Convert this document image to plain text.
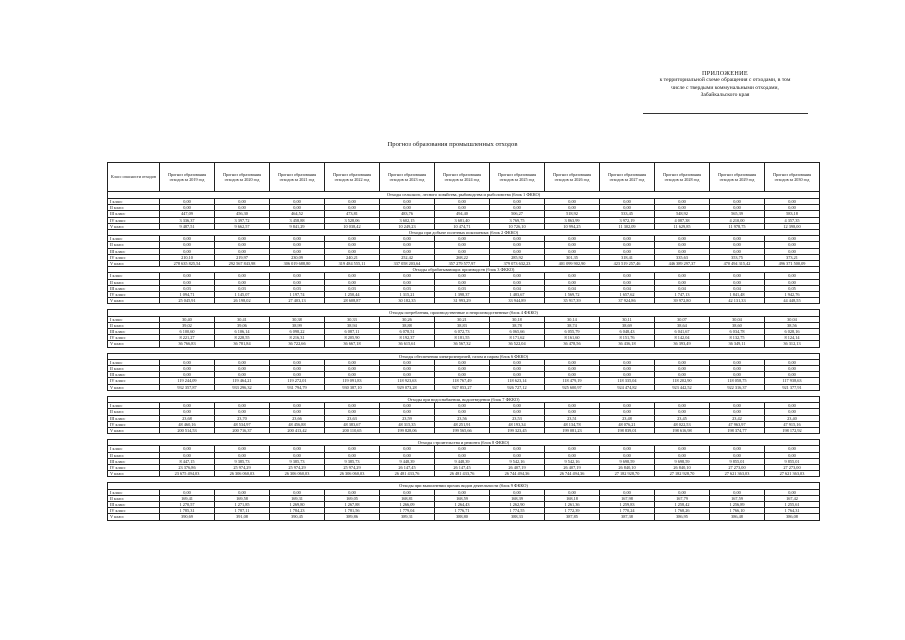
ПРИЛОЖЕНИЕ
к территориальной схеме обращения с отходами, в том
числе с твердыми коммунальными отходами,
Забайкальского края
Прогноз образования промышленных отходов
Класс опасности отходов	Прогноз образования отходов за 2019 год	Прогноз образования отходов за 2020 год	Прогноз образования отходов за 2021 год	Прогноз образования отходов за 2022 год	Прогноз образования отходов за 2023 год	Прогноз образования отходов за 2024 год	Прогноз образования отходов за 2025 год	Прогноз образования отходов за 2026 год	Прогноз образования отходов за 2027 год	Прогноз образования отходов за 2028 год	Прогноз образования отходов за 2029 год	Прогноз образования отходов за 2030 год
Отходы сельского, лесного хозяйства, рыбоводства и рыболовства (блок 1 ФККО)												
I класс	0,00	0,00	0,00	0,00	0,00	0,00	0,00	0,00	0,00	0,00	0,00	0,00
II класс	0,00	0,00	0,00	0,00	0,00	0,00	0,00	0,00	0,00	0,00	0,00	0,00
III класс	447,09	456,30	464,52	473,81	483,76	494,40	506,27	518,92	533,45	548,92	565,39	583,18
IV класс	3 336,37	3 397,72	3 458,88	3 528,06	3 602,15	3 681,40	3 769,75	3 863,99	3 972,19	4 087,38	4 210,00	4 357,35
V класс	9 487,51	9 662,57	9 841,29	10 038,42	10 249,23	10 474,71	10 726,10	10 994,25	11 302,09	11 629,85	11 978,75	12 398,00
Отходы при добыче полезных ископаемых (блок 2 ФККО)												
I класс	0,00	0,00	0,00	0,00	0,00	0,00	0,00	0,00	0,00	0,00	0,00	0,00
II класс	0,00	0,00	0,00	0,00	0,00	0,00	0,00	0,00	0,00	0,00	0,00	0,00
III класс	0,00	0,00	0,00	0,00	0,00	0,00	0,00	0,00	0,00	0,00	0,00	0,00
IV класс	210,10	219,97	230,09	240,21	252,42	268,22	285,92	301,35	318,41	335,63	353,75	373,21
V класс	278 635 825,54	292 567 843,98	306 019 688,80	319 484 555,11	337 058 203,64	357 279 577,97	379 073 632,23	401 099 902,90	423 519 257,46	446 389 297,37	470 494 315,42	496 371 500,09
Отходы обрабатывающих производств (блок 3 ФККО)												
I класс	0,00	0,00	0,00	0,00	0,00	0,00	0,00	0,00	0,00	0,00	0,00	0,00
II класс	0,00	0,00	0,00	0,00	0,00	0,00	0,00	0,00	0,00	0,00	0,00	0,00
III класс	0,03	0,03	0,03	0,03	0,03	0,03	0,04	0,04	0,04	0,04	0,04	0,05
IV класс	1 094,71	1 145,07	1 197,74	1 250,44	1 315,21	1 398,37	1 483,67	1 569,72	1 657,62	1 747,13	1 841,48	1 942,76
V класс	25 045,91	26 198,02	27 403,13	28 608,87	30 182,35	31 993,29	33 944,89	35 917,39	37 924,86	39 972,80	42 131,33	44 448,55

Отходы потребления, производственные и непроизводственные (блок 4 ФККО)												
I класс	30,40	30,41	30,38	30,33	30,26	30,21	30,18	30,14	30,11	30,07	30,04	30,04
II класс	39,02	39,06	38,99	38,94	38,88	38,83	38,78	38,74	38,69	38,64	38,60	38,56
III класс	6 100,60	6 106,14	6 098,22	6 087,11	6 078,51	6 072,73	6 065,66	6 055,79	6 048,43	6 041,67	6 034,78	6 028,16
IV класс	8 221,27	8 228,55	8 216,31	8 205,90	8 192,37	8 181,55	8 171,62	8 161,60	8 151,76	8 142,04	8 132,75	8 124,14
V класс	36 766,83	36 781,84	36 722,66	36 667,18	36 615,61	36 567,32	36 522,04	36 478,56	36 436,18	36 393,49	36 349,11	36 312,13

Отходы обеспечения электроэнергией, газом и паром (блок 6 ФККО)												
I класс	0,00	0,00	0,00	0,00	0,00	0,00	0,00	0,00	0,00	0,00	0,00	0,00
II класс	0,00	0,00	0,00	0,00	0,00	0,00	0,00	0,00	0,00	0,00	0,00	0,00
III класс	0,00	0,00	0,00	0,00	0,00	0,00	0,00	0,00	0,00	0,00	0,00	0,00
IV класс	119 244,09	119 464,21	119 272,01	119 091,83	118 923,63	118 767,49	118 623,14	118 479,19	118 335,04	118 202,90	118 058,75	117 938,63
V класс	932 357,87	933 296,32	931 794,79	930 387,10	929 073,28	927 853,27	926 727,12	925 600,97	924 474,82	923 442,52	922 316,37	921 377,91

Отходы при водоснабжении, водоотведении (блок 7 ФККО)												
I класс	0,00	0,00	0,00	0,00	0,00	0,00	0,00	0,00	0,00	0,00	0,00	0,00
II класс	0,00	0,00	0,00	0,00	0,00	0,00	0,00	0,00	0,00	0,00	0,00	0,00
III класс	23,68	23,70	23,66	23,63	23,59	23,56	23,53	23,51	23,48	23,45	23,42	23,40
IV класс	48 460,16	48 534,97	48 456,88	48 383,67	48 315,35	48 251,91	48 193,34	48 134,78	48 076,21	48 022,53	47 963,97	47 915,16
V класс	200 514,53	200 716,37	200 413,42	200 110,65	199 828,06	199 565,66	199 323,45	199 081,23	198 839,01	198 616,98	198 374,77	198 172,92

Отходы строительства и ремонта (блок 8 ФККО)												
I класс	0,00	0,00	0,00	0,00	0,00	0,00	0,00	0,00	0,00	0,00	0,00	0,00
II класс	0,00	0,00	0,00	0,00	0,00	0,00	0,00	0,00	0,00	0,00	0,00	0,00
III класс	8 447,15	9 385,73	9 385,73	9 385,73	9 448,39	9 448,39	9 542,16	9 542,16	9 698,59	9 698,59	9 855,01	9 855,01
IV класс	23 376,86	25 974,29	25 974,29	25 974,29	26 147,45	26 147,45	26 407,19	26 407,19	26 840,10	26 840,10	27 273,00	27 273,00
V класс	23 675 494,03	26 306 060,03	26 306 060,03	26 306 060,03	26 481 433,76	26 481 433,76	26 744 494,36	26 744 494,36	27 182 928,70	27 182 928,70	27 621 363,03	27 621 363,03

Отходы при выполнении прочих видов деятельности (блок 9 ФККО)												
I класс	0,00	0,00	0,00	0,00	0,00	0,00	0,00	0,00	0,00	0,00	0,00	0,00
II класс	169,41	169,58	169,31	169,05	168,81	168,59	168,39	168,18	167,98	167,79	167,59	167,42
III класс	1 270,57	1 271,85	1 269,80	1 267,88	1 266,09	1 264,43	1 262,90	1 261,36	1 259,83	1 258,42	1 256,89	1 255,61
IV класс	1 785,31	1 787,11	1 784,23	1 781,56	1 779,04	1 776,71	1 774,55	1 772,39	1 770,24	1 768,26	1 766,10	1 764,31
V класс	390,69	391,08	390,45	389,86	389,31	388,80	388,33	387,85	387,38	386,95	386,48	386,08
